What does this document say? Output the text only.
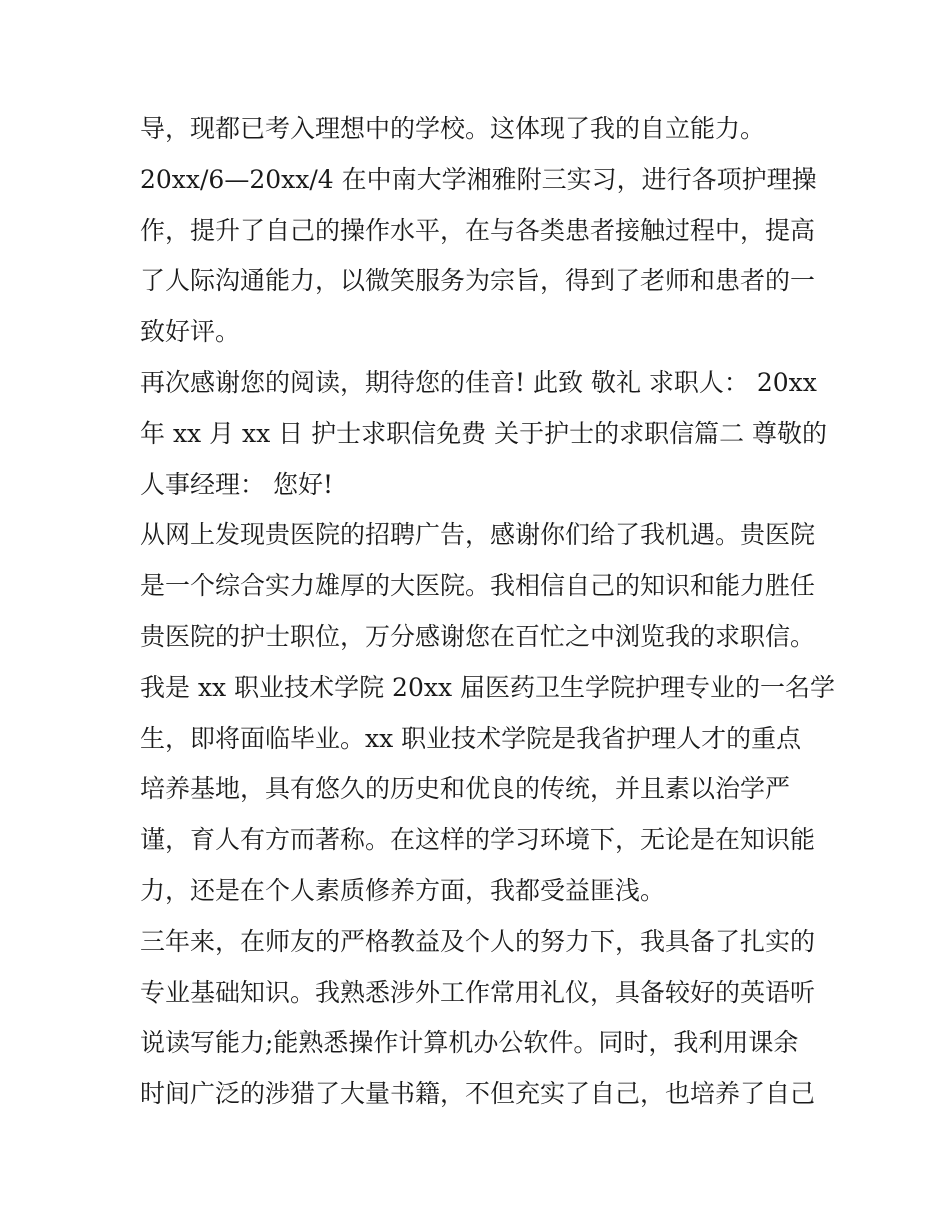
导，现都已考入理想中的学校。这体现了我的自立能力。
20xx/6—20xx/4 在中南大学湘雅附三实习，进行各项护理操
作，提升了自己的操作水平，在与各类患者接触过程中，提高
了人际沟通能力，以微笑服务为宗旨，得到了老师和患者的一
致好评。
再次感谢您的阅读，期待您的佳音! 此致 敬礼 求职人： 20xx
年 xx 月 xx 日 护士求职信免费 关于护士的求职信篇二 尊敬的
人事经理： 您好!
从网上发现贵医院的招聘广告，感谢你们给了我机遇。贵医院
是一个综合实力雄厚的大医院。我相信自己的知识和能力胜任
贵医院的护士职位，万分感谢您在百忙之中浏览我的求职信。
我是 xx 职业技术学院 20xx 届医药卫生学院护理专业的一名学
生，即将面临毕业。xx 职业技术学院是我省护理人才的重点
培养基地，具有悠久的历史和优良的传统，并且素以治学严
谨，育人有方而著称。在这样的学习环境下，无论是在知识能
力，还是在个人素质修养方面，我都受益匪浅。
三年来，在师友的严格教益及个人的努力下，我具备了扎实的
专业基础知识。我熟悉涉外工作常用礼仪，具备较好的英语听
说读写能力;能熟悉操作计算机办公软件。同时，我利用课余
时间广泛的涉猎了大量书籍，不但充实了自己，也培养了自己
